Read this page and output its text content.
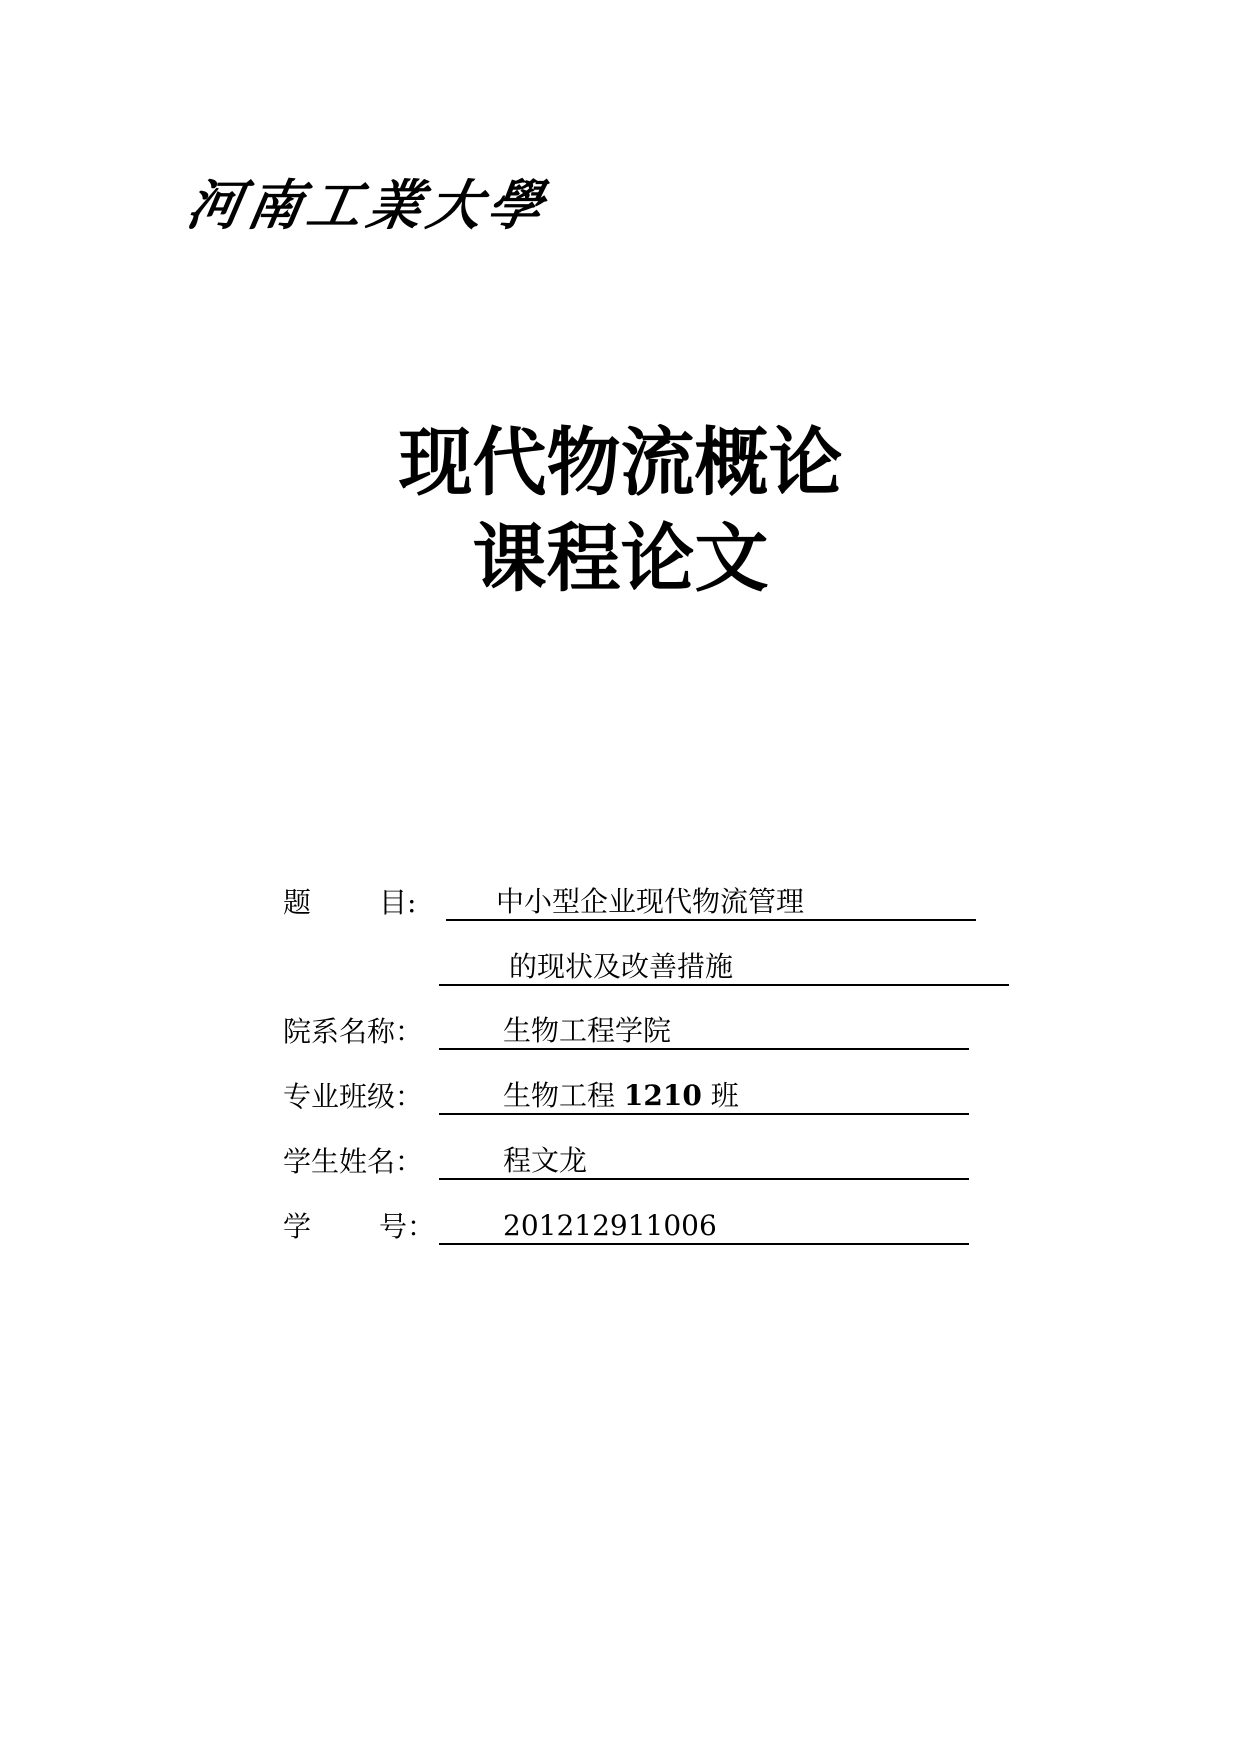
河南工業大學
现代物流概论
课程论文
题 目:	中小型企业现代物流管理
的现状及改善措施
院系名称：	生物工程学院
专业班级：	生物工程 1210 班
学生姓名：	程文龙
学 号： 201212911006
